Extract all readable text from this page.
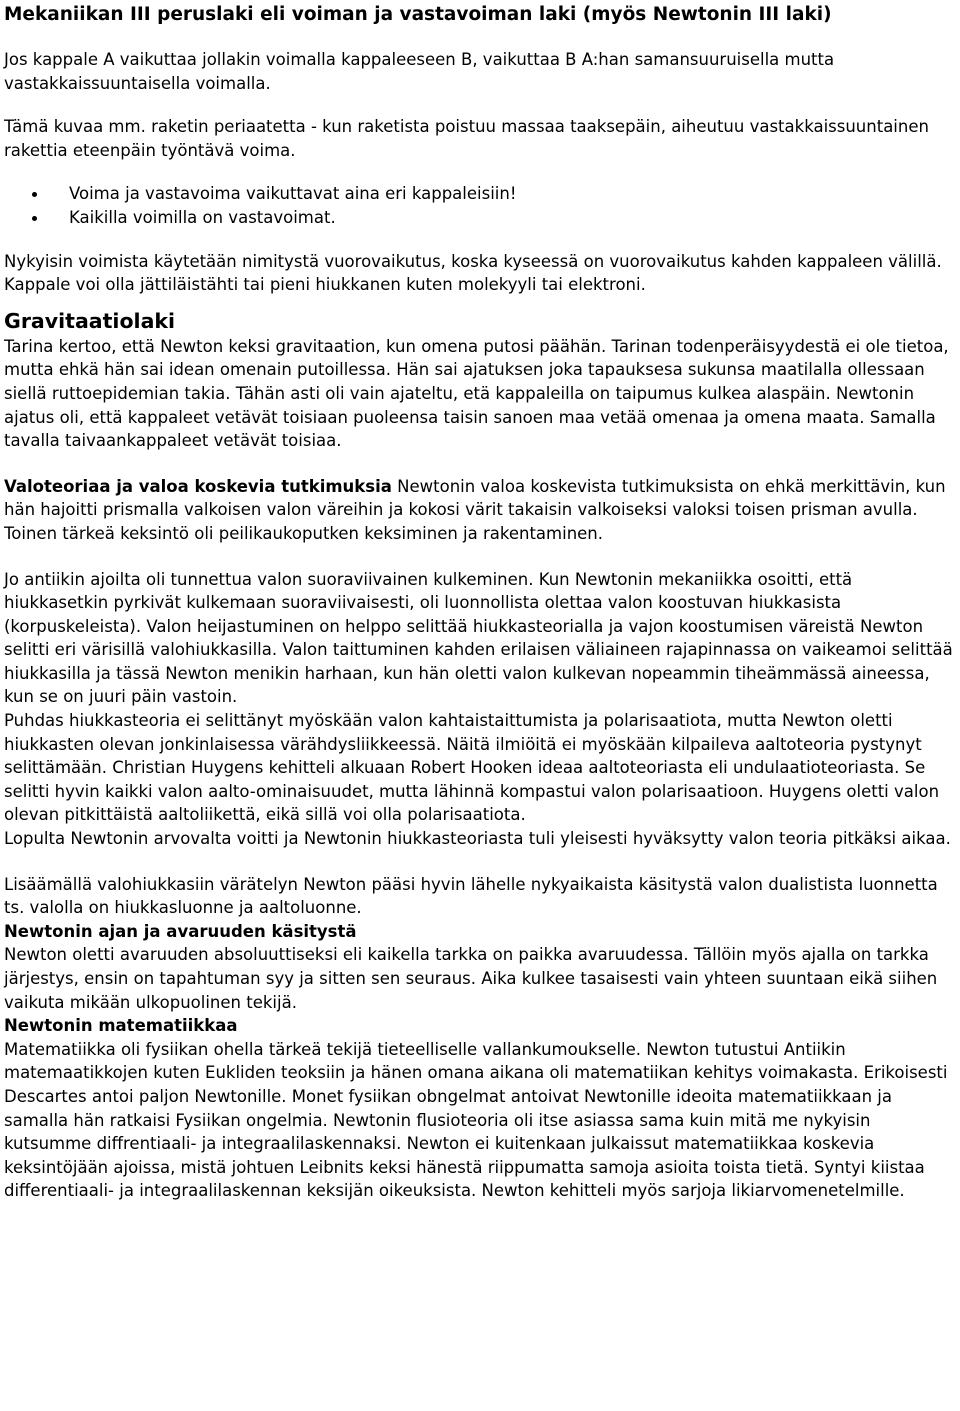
Mekaniikan III peruslaki eli voiman ja vastavoiman laki (myös Newtonin III laki)

Jos kappale A vaikuttaa jollakin voimalla kappaleeseen B, vaikuttaa B A:han samansuuruisella mutta vastakkaissuuntaisella voimalla.

Tämä kuvaa mm. raketin periaatetta - kun raketista poistuu massaa taaksepäin, aiheutuu vastakkaissuuntainen rakettia eteenpäin työntävä voima.

Voima ja vastavoima vaikuttavat aina eri kappaleisiin!
Kaikilla voimilla on vastavoimat.

Nykyisin voimista käytetään nimitystä vuorovaikutus, koska kyseessä on vuorovaikutus kahden kappaleen välillä. Kappale voi olla jättiläistähti tai pieni hiukkanen kuten molekyyli tai elektroni.

Gravitaatiolaki

Tarina kertoo, että Newton keksi gravitaation, kun omena putosi päähän. Tarinan todenperäisyydestä ei ole tietoa, mutta ehkä hän sai idean omenain putoillessa. Hän sai ajatuksen joka tapauksesa sukunsa maatilalla ollessaan siellä ruttoepidemian takia. Tähän asti oli vain ajateltu, etä kappaleilla on taipumus kulkea alaspäin. Newtonin ajatus oli, että kappaleet vetävät toisiaan puoleensa taisin sanoen maa vetää omenaa ja omena maata. Samalla tavalla taivaankappaleet vetävät toisiaa.

Valoteoriaa ja valoa koskevia tutkimuksia Newtonin valoa koskevista tutkimuksista on ehkä merkittävin, kun hän hajoitti prismalla valkoisen valon väreihin ja kokosi värit takaisin valkoiseksi valoksi toisen prisman avulla. Toinen tärkeä keksintö oli peilikaukoputken keksiminen ja rakentaminen.

Jo antiikin ajoilta oli tunnettua valon suoraviivainen kulkeminen. Kun Newtonin mekaniikka osoitti, että hiukkasetkin pyrkivät kulkemaan suoraviivaisesti, oli luonnollista olettaa valon koostuvan hiukkasista (korpuskeleista). Valon heijastuminen on helppo selittää hiukkasteorialla ja vajon koostumisen väreistä Newton selitti eri värisillä valohiukkasilla. Valon taittuminen kahden erilaisen väliaineen rajapinnassa on vaikeamoi selittää hiukkasilla ja tässä Newton menikin harhaan, kun hän oletti valon kulkevan nopeammin tiheämmässä aineessa, kun se on juuri päin vastoin.

Puhdas hiukkasteoria ei selittänyt myöskään valon kahtaistaittumista ja polarisaatiota, mutta Newton oletti hiukkasten olevan jonkinlaisessa värähdysliikkeessä. Näitä ilmiöitä ei myöskään kilpaileva aaltoteoria pystynyt selittämään. Christian Huygens kehitteli alkuaan Robert Hooken ideaa aaltoteoriasta eli undulaatioteoriasta. Se selitti hyvin kaikki valon aalto-ominaisuudet, mutta lähinnä kompastui valon polarisaatioon. Huygens oletti valon olevan pitkittäistä aaltoliikettä, eikä sillä voi olla polarisaatiota.

Lopulta Newtonin arvovalta voitti ja Newtonin hiukkasteoriasta tuli yleisesti hyväksytty valon teoria pitkäksi aikaa.

Lisäämällä valohiukkasiin värätelyn Newton pääsi hyvin lähelle nykyaikaista käsitystä valon dualistista luonnetta ts. valolla on hiukkasluonne ja aaltoluonne.

Newtonin ajan ja avaruuden käsitystä

Newton oletti avaruuden absoluuttiseksi eli kaikella tarkka on paikka avaruudessa. Tällöin myös ajalla on tarkka järjestys, ensin on tapahtuman syy ja sitten sen seuraus. Aika kulkee tasaisesti vain yhteen suuntaan eikä siihen vaikuta mikään ulkopuolinen tekijä.

Newtonin matematiikkaa

Matematiikka oli fysiikan ohella tärkeä tekijä tieteelliselle vallankumoukselle. Newton tutustui Antiikin matemaatikkojen kuten Eukliden teoksiin ja hänen omana aikana oli matematiikan kehitys voimakasta. Erikoisesti Descartes antoi paljon Newtonille. Monet fysiikan obngelmat antoivat Newtonille ideoita matematiikkaan ja samalla hän ratkaisi Fysiikan ongelmia. Newtonin flusioteoria oli itse asiassa sama kuin mitä me nykyisin kutsumme diffrentiaali- ja integraalilaskennaksi. Newton ei kuitenkaan julkaissut matematiikkaa koskevia keksintöjään ajoissa, mistä johtuen Leibnits keksi hänestä riippumatta samoja asioita toista tietä. Syntyi kiistaa differentiaali- ja integraalilaskennan keksijän oikeuksista. Newton kehitteli myös sarjoja likiarvomenetelmille.
